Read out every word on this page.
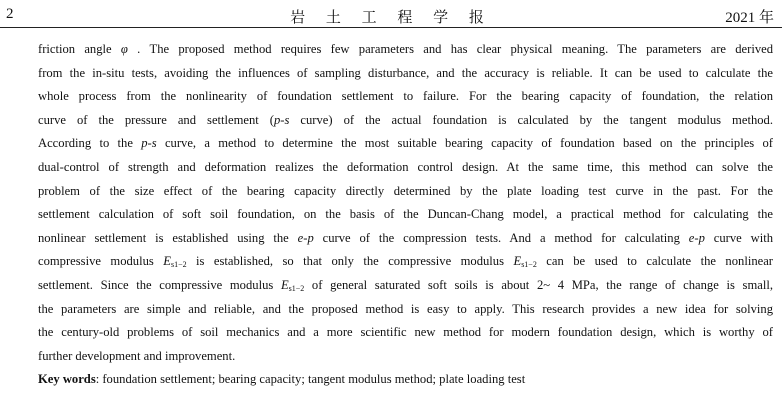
2	岩 土 工 程 学 报	2021 年
friction angle φ . The proposed method requires few parameters and has clear physical meaning. The parameters are derived
from the in-situ tests, avoiding the influences of sampling disturbance, and the accuracy is reliable. It can be used to calculate the
whole process from the nonlinearity of foundation settlement to failure. For the bearing capacity of foundation, the relation
curve of the pressure and settlement (p-s curve) of the actual foundation is calculated by the tangent modulus method.
According to the p-s curve, a method to determine the most suitable bearing capacity of foundation based on the principles of
dual-control of strength and deformation realizes the deformation control design. At the same time, this method can solve the
problem of the size effect of the bearing capacity directly determined by the plate loading test curve in the past. For the
settlement calculation of soft soil foundation, on the basis of the Duncan-Chang model, a practical method for calculating the
nonlinear settlement is established using the e-p curve of the compression tests. And a method for calculating e-p curve with
compressive modulus $E_{s1-2}$ is established, so that only the compressive modulus $E_{s1-2}$ can be used to calculate the nonlinear
settlement. Since the compressive modulus $E_{s1-2}$ of general saturated soft soils is about 2~ 4 MPa, the range of change is small,
the parameters are simple and reliable, and the proposed method is easy to apply. This research provides a new idea for solving
the century-old problems of soil mechanics and a more scientific new method for modern foundation design, which is worthy of
further development and improvement.
Key words: foundation settlement; bearing capacity; tangent modulus method; plate loading test
